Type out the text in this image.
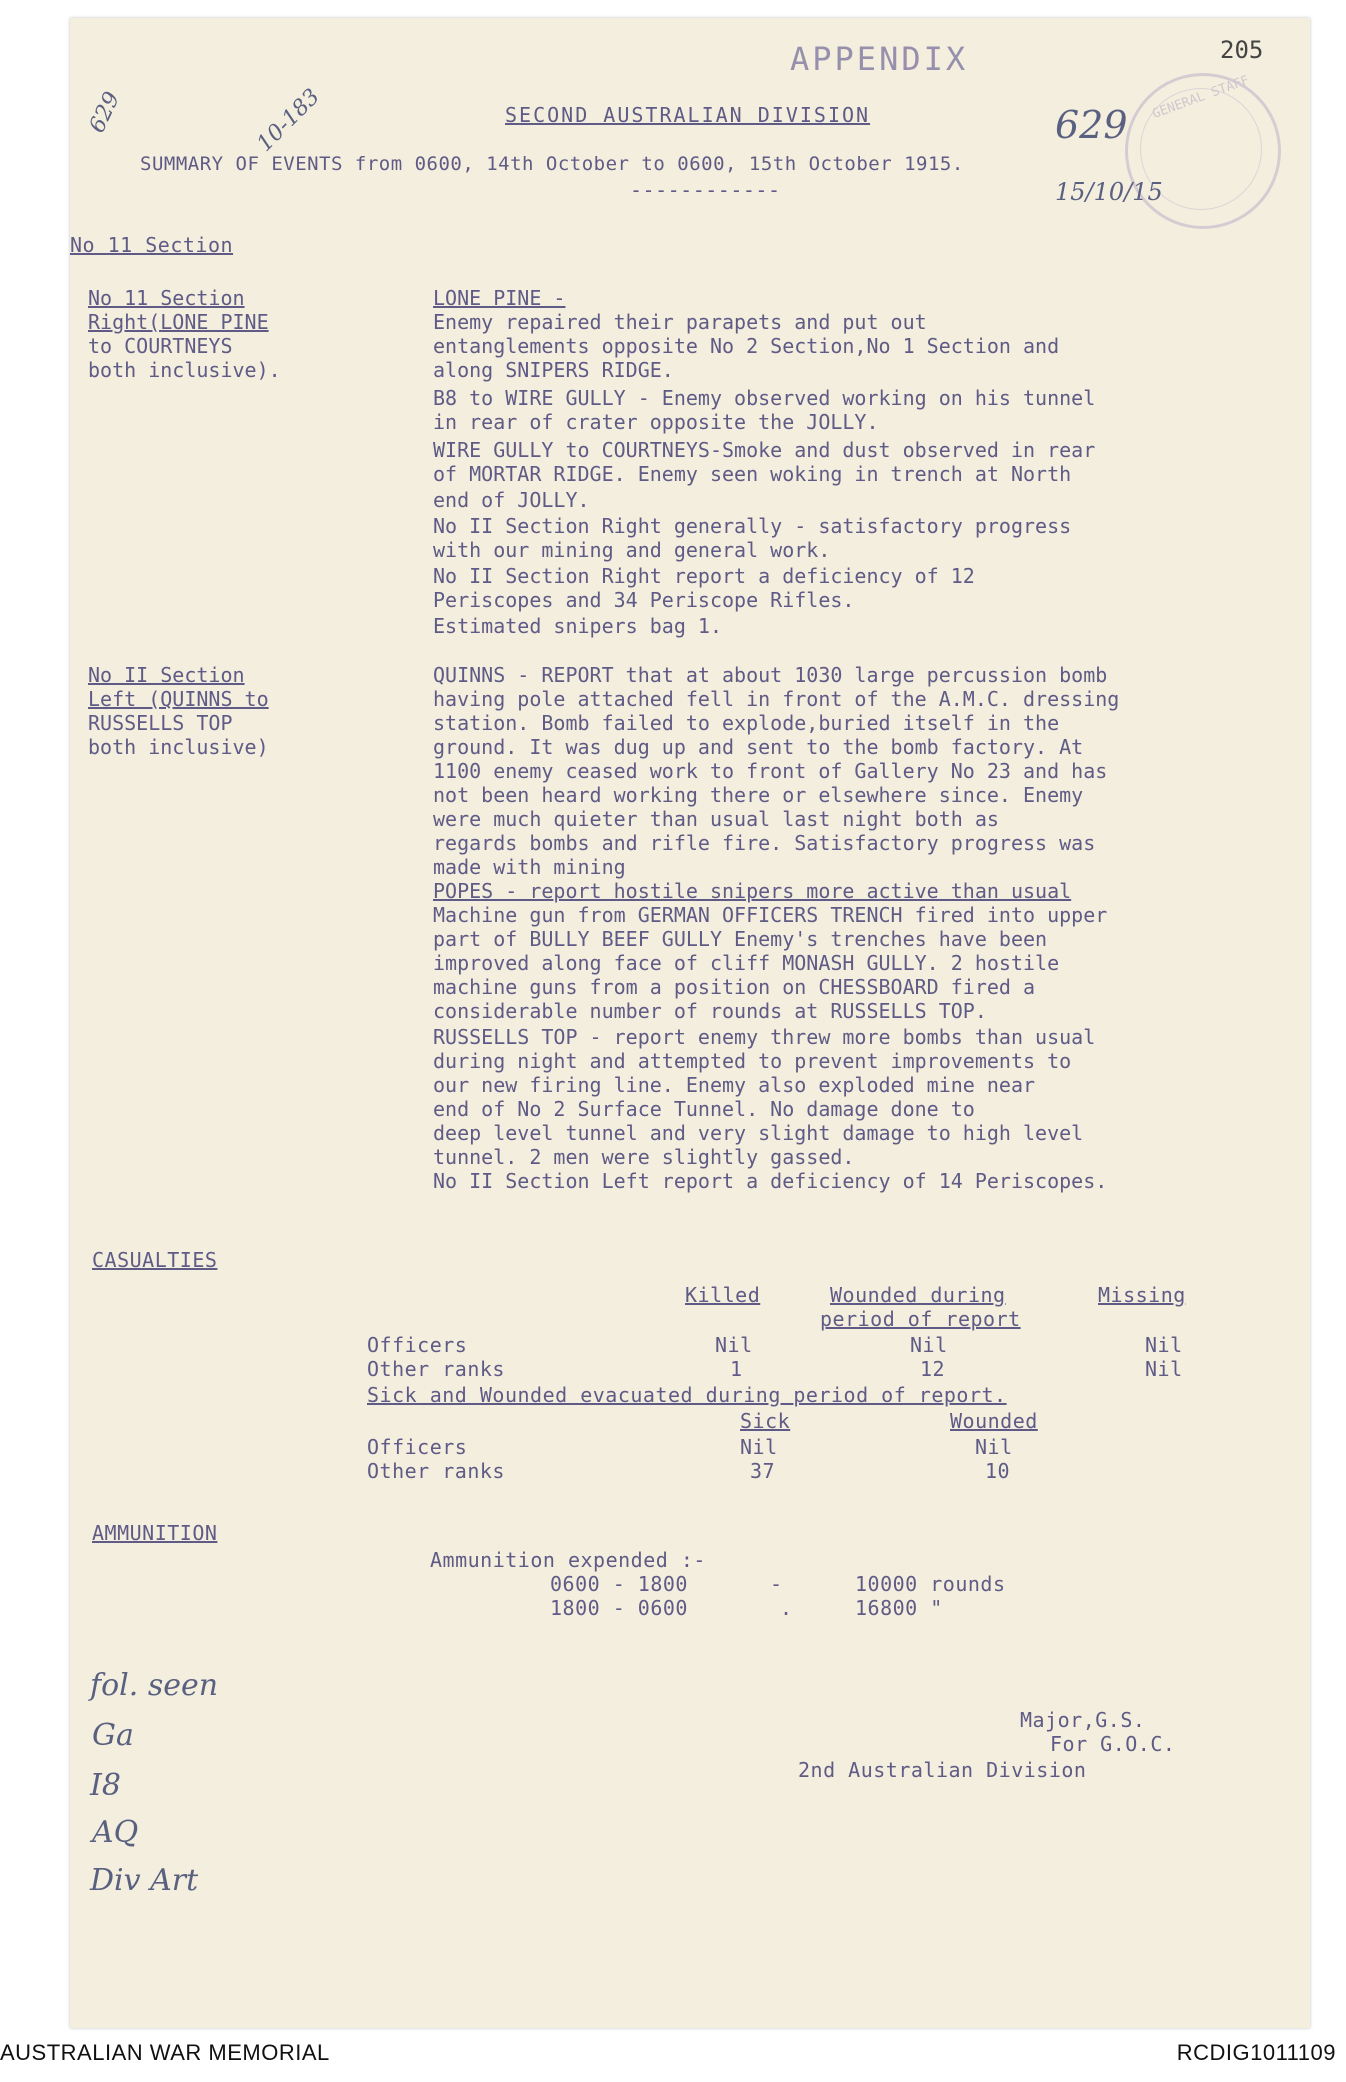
APPENDIX	205
GENERAL STAFF
629	10-183	629
15/10/15
SECOND AUSTRALIAN DIVISION
SUMMARY OF EVENTS from 0600, 14th October to 0600, 15th October 1915.
------------
No 11 Section
No 11 Section
Right(LONE PINE
to COURTNEYS
both inclusive).
LONE PINE -
Enemy repaired their parapets and put out
entanglements opposite No 2 Section,No 1 Section and
along SNIPERS RIDGE.
B8 to WIRE GULLY - Enemy observed working on his tunnel
in rear of crater opposite the JOLLY.
WIRE GULLY to COURTNEYS-Smoke and dust observed in rear
of MORTAR RIDGE. Enemy seen woking in trench at North
end of JOLLY.
No II Section Right generally - satisfactory progress
with our mining and general work.
No II Section Right report a deficiency of 12
Periscopes and 34 Periscope Rifles.
Estimated snipers bag 1.
No II Section
Left (QUINNS to
RUSSELLS TOP
both inclusive)
QUINNS - REPORT that at about 1030 large percussion bomb
having pole attached fell in front of the A.M.C. dressing
station. Bomb failed to explode,buried itself in the
ground. It was dug up and sent to the bomb factory. At
1100 enemy ceased work to front of Gallery No 23 and has
not been heard working there or elsewhere since. Enemy
were much quieter than usual last night both as
regards bombs and rifle fire. Satisfactory progress was
made with mining
POPES - report hostile snipers more active than usual
Machine gun from GERMAN OFFICERS TRENCH fired into upper
part of BULLY BEEF GULLY Enemy's trenches have been
improved along face of cliff MONASH GULLY. 2 hostile
machine guns from a position on CHESSBOARD fired a
considerable number of rounds at RUSSELLS TOP.
RUSSELLS TOP - report enemy threw more bombs than usual
during night and attempted to prevent improvements to
our new firing line. Enemy also exploded mine near
end of No 2 Surface Tunnel. No damage done to
deep level tunnel and very slight damage to high level
tunnel. 2 men were slightly gassed.
No II Section Left report a deficiency of 14 Periscopes.
CASUALTIES
Killed	Wounded during
period of report
Missing
Officers	Nil	Nil	Nil
Other ranks	1	12	Nil
Sick and Wounded evacuated during period of report.
Sick	Wounded
Officers	Nil	Nil
Other ranks	37	10
AMMUNITION
Ammunition expended :-
0600 - 1800	-	10000 rounds
1800 - 0600	.	16800 "
fol. seen
Ga
I8
AQ
Div Art
Major,G.S.
For G.O.C.
2nd Australian Division
AUSTRALIAN WAR MEMORIAL	RCDIG1011109
